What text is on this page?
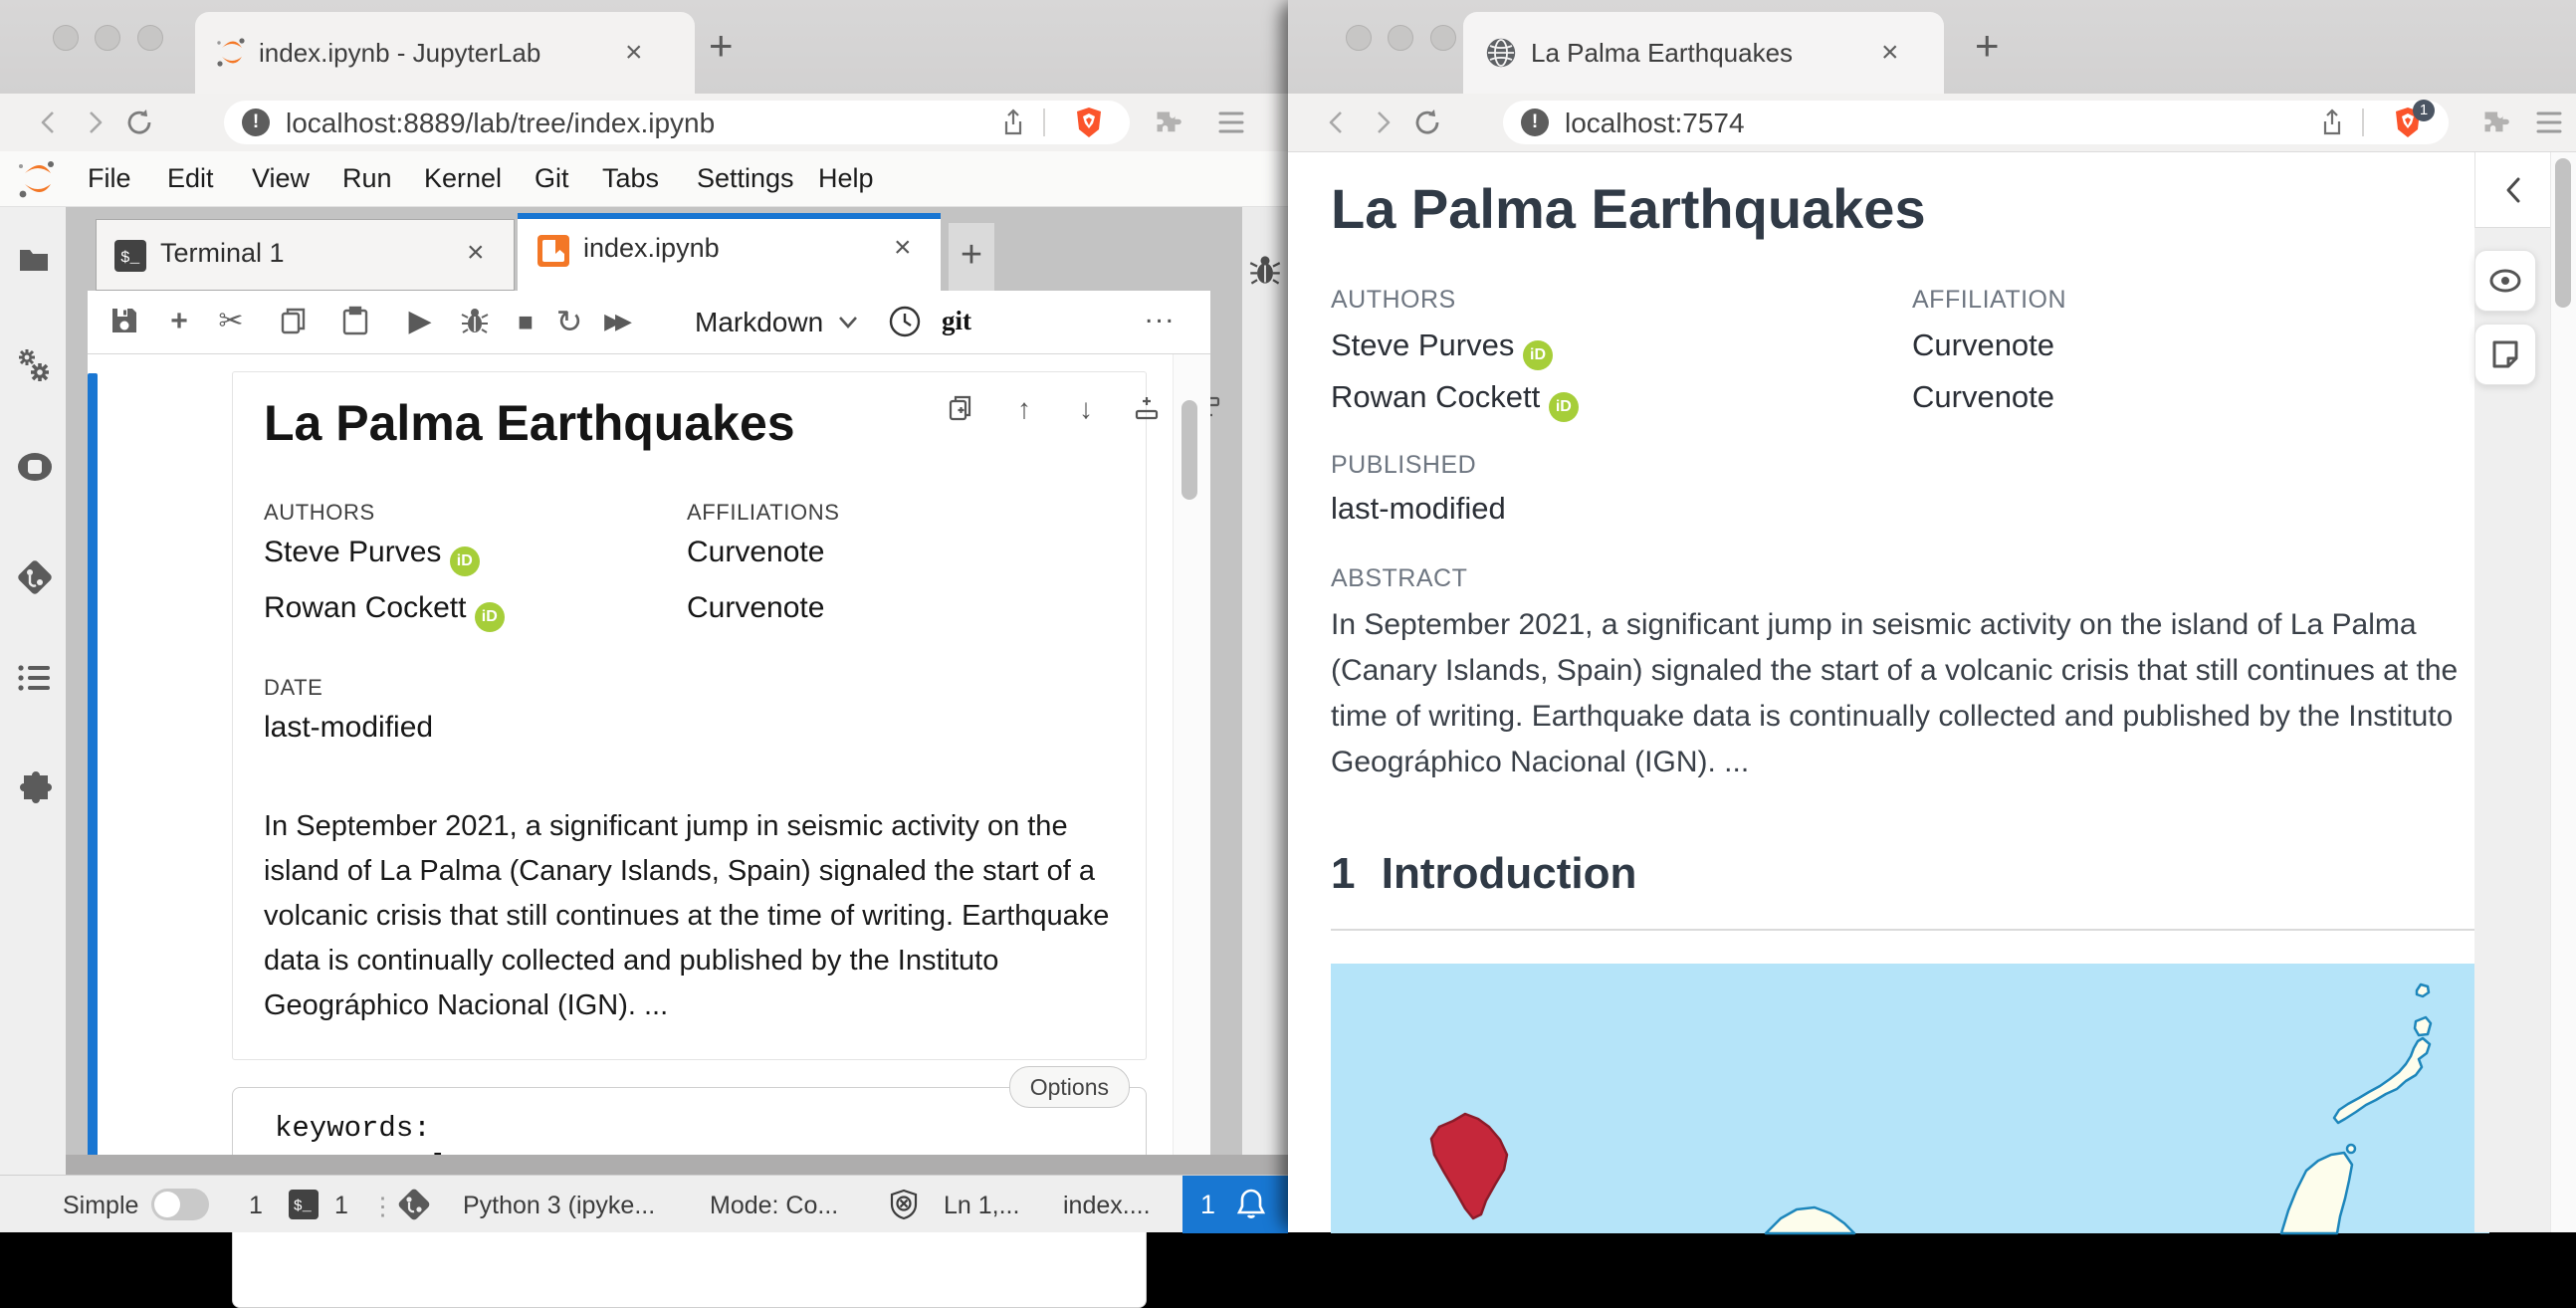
index.ipynb - JupyterLab	× +
! localhost:8889/lab/tree/index.ipynb
File Edit View Run Kernel Git Tabs Settings Help
$_ Terminal 1	×	index.ipynb	×	+
+ ✂	▶	■ ↻ ▶▶ Markdown	git	...
↑ ↓
La Palma Earthquakes
AUTHORS	AFFILIATIONS
Steve Purves iD	Curvenote
Rowan Cockett iD	Curvenote
DATE
last-modified
In September 2021, a significant jump in seismic activity on the island of La Palma (Canary Islands, Spain) signaled the start of a volcanic crisis that still continues at the time of writing. Earthquake data is continually collected and published by the Instituto Geográphico Nacional (IGN). ...
Options
keywords:
Simple	1 $_ 1 ⋮	Python 3 (ipyke... Mode: Co...	Ln 1,... index.... 1
La Palma Earthquakes	× +
! localhost:7574	1
La Palma Earthquakes
AUTHORS	AFFILIATION
Steve Purves iD	Curvenote
Rowan Cockett iD	Curvenote
PUBLISHED
last-modified
ABSTRACT
In September 2021, a significant jump in seismic activity on the island of La Palma (Canary Islands, Spain) signaled the start of a volcanic crisis that still continues at the time of writing. Earthquake data is continually collected and published by the Instituto Geográphico Nacional (IGN). ...
1 Introduction
